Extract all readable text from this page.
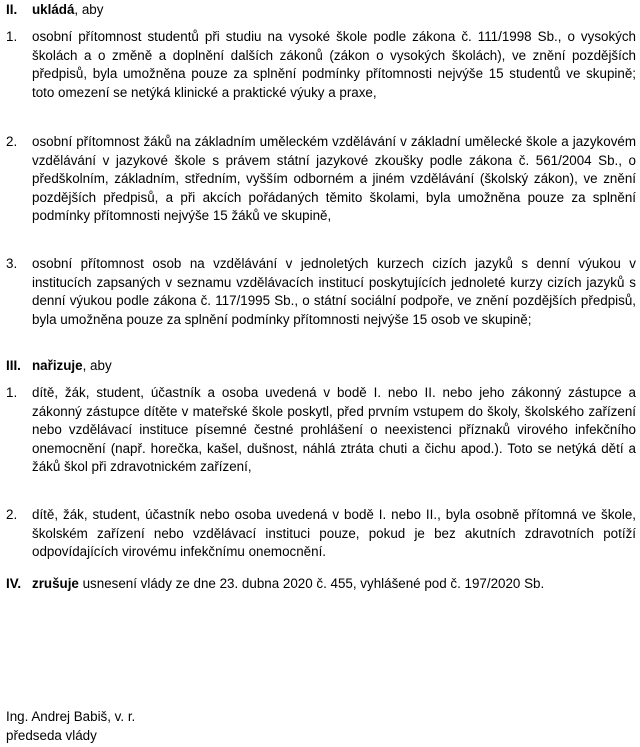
II. ukládá, aby
1. osobní přítomnost studentů při studiu na vysoké škole podle zákona č. 111/1998 Sb., o vysokých školách a o změně a doplnění dalších zákonů (zákon o vysokých školách), ve znění pozdějších předpisů, byla umožněna pouze za splnění podmínky přítomnosti nejvýše 15 studentů ve skupině; toto omezení se netýká klinické a praktické výuky a praxe,
2. osobní přítomnost žáků na základním uměleckém vzdělávání v základní umělecké škole a jazykovém vzdělávání v jazykové škole s právem státní jazykové zkoušky podle zákona č. 561/2004 Sb., o předškolním, základním, středním, vyšším odborném a jiném vzdělávání (školský zákon), ve znění pozdějších předpisů, a při akcích pořádaných těmito školami, byla umožněna pouze za splnění podmínky přítomnosti nejvýše 15 žáků ve skupině,
3. osobní přítomnost osob na vzdělávání v jednoletých kurzech cizích jazyků s denní výukou v institucích zapsaných v seznamu vzdělávacích institucí poskytujících jednoleté kurzy cizích jazyků s denní výukou podle zákona č. 117/1995 Sb., o státní sociální podpoře, ve znění pozdějších předpisů, byla umožněna pouze za splnění podmínky přítomnosti nejvýše 15 osob ve skupině;
III. nařizuje, aby
1. dítě, žák, student, účastník a osoba uvedená v bodě I. nebo II. nebo jeho zákonný zástupce a zákonný zástupce dítěte v mateřské škole poskytl, před prvním vstupem do školy, školského zařízení nebo vzdělávací instituce písemné čestné prohlášení o neexistenci příznaků virového infekčního onemocnění (např. horečka, kašel, dušnost, náhlá ztráta chuti a čichu apod.). Toto se netýká dětí a žáků škol při zdravotnickém zařízení,
2. dítě, žák, student, účastník nebo osoba uvedená v bodě I. nebo II., byla osobně přítomná ve škole, školském zařízení nebo vzdělávací instituci pouze, pokud je bez akutních zdravotních potíží odpovídajících virovému infekčnímu onemocnění.
IV. zrušuje usnesení vlády ze dne 23. dubna 2020 č. 455, vyhlášené pod č. 197/2020 Sb.
Ing. Andrej Babiš, v. r.
předseda vlády
